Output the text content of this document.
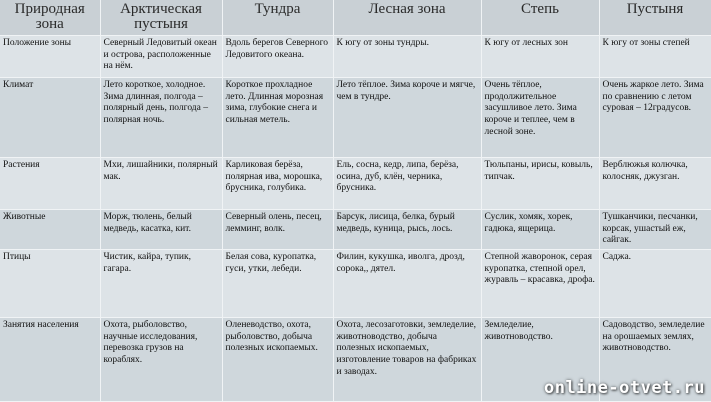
Природная зона	Арктическая пустыня	Тундра	Лесная зона	Степь	Пустыня
Положение зоны	Северный Ледовитый океан и острова, расположенные на нём.	Вдоль берегов Северного Ледовитого океана.	К югу от зоны тундры.	К югу от лесных зон	К югу от зоны степей
Климат	Лето короткое, холодное. Зима длинная, полгода – полярный день, полгода – полярная ночь.	Короткое прохладное лето. Длинная морозная зима, глубокие снега и сильная метель.	Лето тёплое. Зима короче и мягче, чем в тундре.	Очень тёплое, продолжительное засушливое лето. Зима короче и теплее, чем в лесной зоне.	Очень жаркое лето. Зима по сравнению с летом суровая – 12градусов.
Растения	Мхи, лишайники, полярный мак.	Карликовая берёза, полярная ива, морошка, брусника, голубика.	Ель, сосна, кедр, липа, берёза, осина, дуб, клён, черника, брусника.	Тюльпаны, ирисы, ковыль, типчак.	Верблюжья колючка, колосняк, джузган.
Животные	Морж, тюлень, белый медведь, касатка, кит.	Северный олень, песец, лемминг, волк.	Барсук, лисица, белка, бурый медведь, куница, рысь, лось.	Суслик, хомяк, хорек, гадюка, ящерица.	Тушканчики, песчанки, корсак, ушастый еж, сайгак.
Птицы	Чистик, кайра, тупик, гагара.	Белая сова, куропатка, гуси, утки, лебеди.	Филин, кукушка, иволга, дрозд, сорока,, дятел.	Степной жаворонок, серая куропатка, степной орел, журавль – красавка, дрофа.	Саджа.
Занятия населения	Охота, рыболовство, научные исследования, перевозка грузов на кораблях.	Оленеводство, охота, рыболовство, добыча полезных ископаемых.	Охота, лесозаготовки, земледелие, животноводство, добыча полезных ископаемых, изготовление товаров на фабриках и заводах.	Земледелие, животноводство.	Садоводство, земледелие на орошаемых землях, животноводство.
online-otvet.ru
